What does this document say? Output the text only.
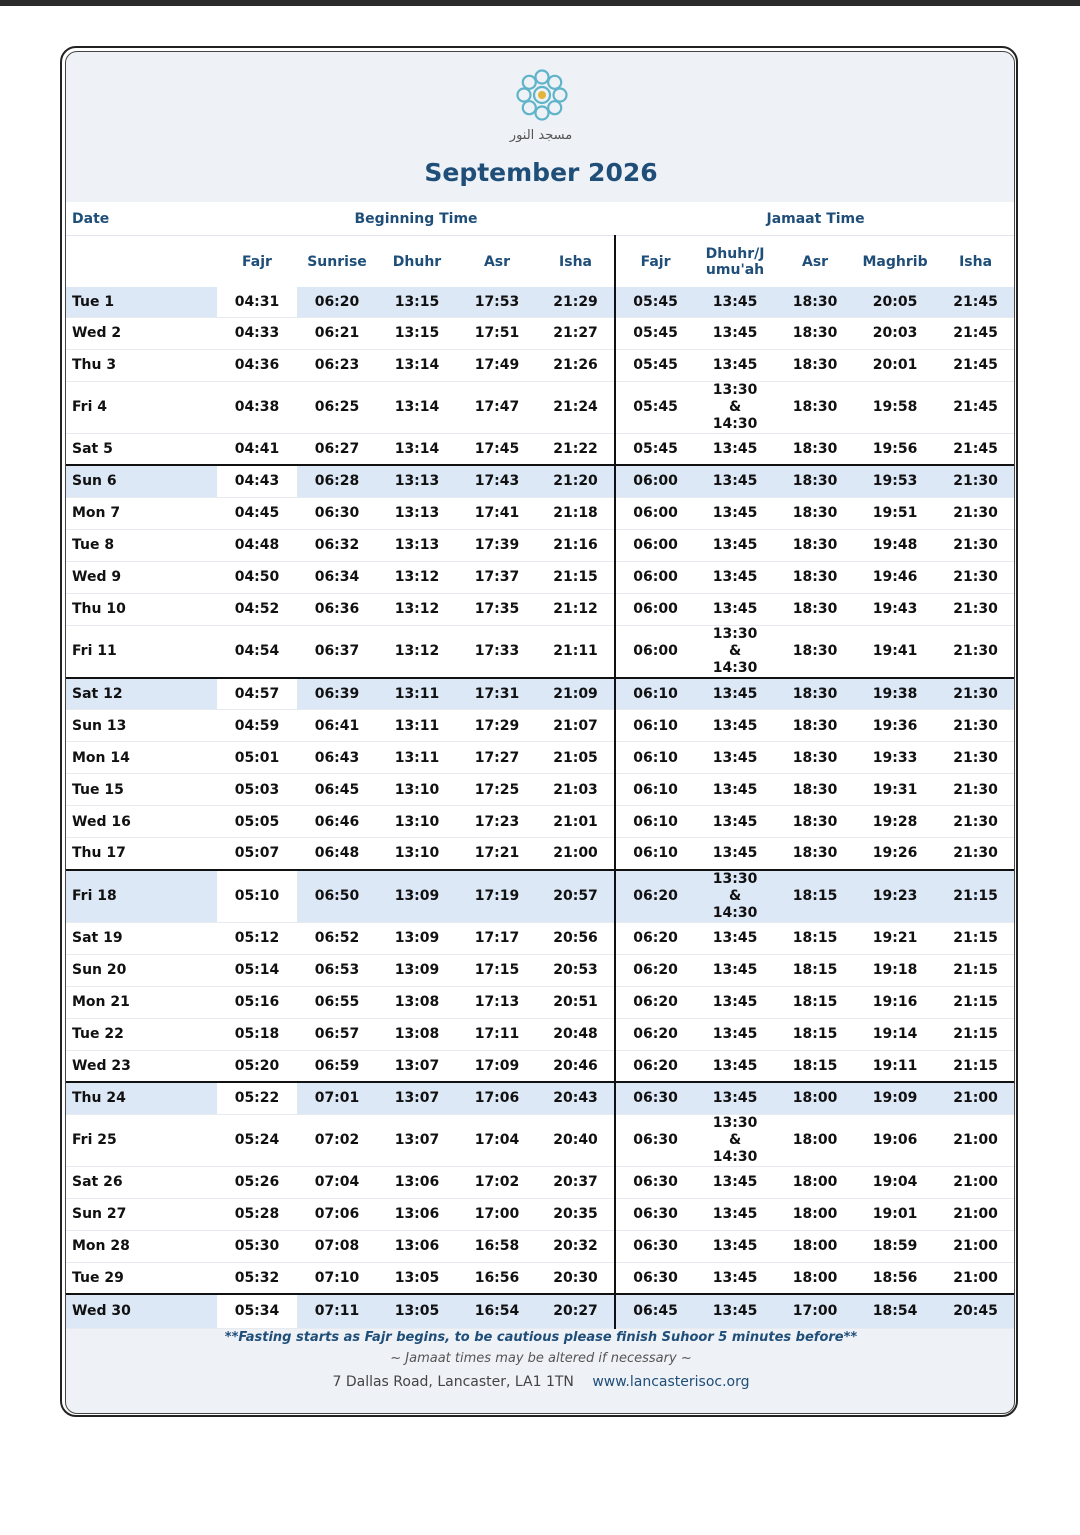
مسجد النور
September 2026
Date	Beginning Time					Jamaat Time				
	Fajr	Sunrise	Dhuhr	Asr	Isha	Fajr	Dhuhr/J umu'ah	Asr	Maghrib	Isha
Tue 1	04:31	06:20	13:15	17:53	21:29	05:45	13:45	18:30	20:05	21:45
Wed 2	04:33	06:21	13:15	17:51	21:27	05:45	13:45	18:30	20:03	21:45
Thu 3	04:36	06:23	13:14	17:49	21:26	05:45	13:45	18:30	20:01	21:45
Fri 4	04:38	06:25	13:14	17:47	21:24	05:45	13:30 & 14:30	18:30	19:58	21:45
Sat 5	04:41	06:27	13:14	17:45	21:22	05:45	13:45	18:30	19:56	21:45
Sun 6	04:43	06:28	13:13	17:43	21:20	06:00	13:45	18:30	19:53	21:30
Mon 7	04:45	06:30	13:13	17:41	21:18	06:00	13:45	18:30	19:51	21:30
Tue 8	04:48	06:32	13:13	17:39	21:16	06:00	13:45	18:30	19:48	21:30
Wed 9	04:50	06:34	13:12	17:37	21:15	06:00	13:45	18:30	19:46	21:30
Thu 10	04:52	06:36	13:12	17:35	21:12	06:00	13:45	18:30	19:43	21:30
Fri 11	04:54	06:37	13:12	17:33	21:11	06:00	13:30 & 14:30	18:30	19:41	21:30
Sat 12	04:57	06:39	13:11	17:31	21:09	06:10	13:45	18:30	19:38	21:30
Sun 13	04:59	06:41	13:11	17:29	21:07	06:10	13:45	18:30	19:36	21:30
Mon 14	05:01	06:43	13:11	17:27	21:05	06:10	13:45	18:30	19:33	21:30
Tue 15	05:03	06:45	13:10	17:25	21:03	06:10	13:45	18:30	19:31	21:30
Wed 16	05:05	06:46	13:10	17:23	21:01	06:10	13:45	18:30	19:28	21:30
Thu 17	05:07	06:48	13:10	17:21	21:00	06:10	13:45	18:30	19:26	21:30
Fri 18	05:10	06:50	13:09	17:19	20:57	06:20	13:30 & 14:30	18:15	19:23	21:15
Sat 19	05:12	06:52	13:09	17:17	20:56	06:20	13:45	18:15	19:21	21:15
Sun 20	05:14	06:53	13:09	17:15	20:53	06:20	13:45	18:15	19:18	21:15
Mon 21	05:16	06:55	13:08	17:13	20:51	06:20	13:45	18:15	19:16	21:15
Tue 22	05:18	06:57	13:08	17:11	20:48	06:20	13:45	18:15	19:14	21:15
Wed 23	05:20	06:59	13:07	17:09	20:46	06:20	13:45	18:15	19:11	21:15
Thu 24	05:22	07:01	13:07	17:06	20:43	06:30	13:45	18:00	19:09	21:00
Fri 25	05:24	07:02	13:07	17:04	20:40	06:30	13:30 & 14:30	18:00	19:06	21:00
Sat 26	05:26	07:04	13:06	17:02	20:37	06:30	13:45	18:00	19:04	21:00
Sun 27	05:28	07:06	13:06	17:00	20:35	06:30	13:45	18:00	19:01	21:00
Mon 28	05:30	07:08	13:06	16:58	20:32	06:30	13:45	18:00	18:59	21:00
Tue 29	05:32	07:10	13:05	16:56	20:30	06:30	13:45	18:00	18:56	21:00
Wed 30	05:34	07:11	13:05	16:54	20:27	06:45	13:45	17:00	18:54	20:45
**Fasting starts as Fajr begins, to be cautious please finish Suhoor 5 minutes before**
~ Jamaat times may be altered if necessary ~
7 Dallas Road, Lancaster, LA1 1TN www.lancasterisoc.org
